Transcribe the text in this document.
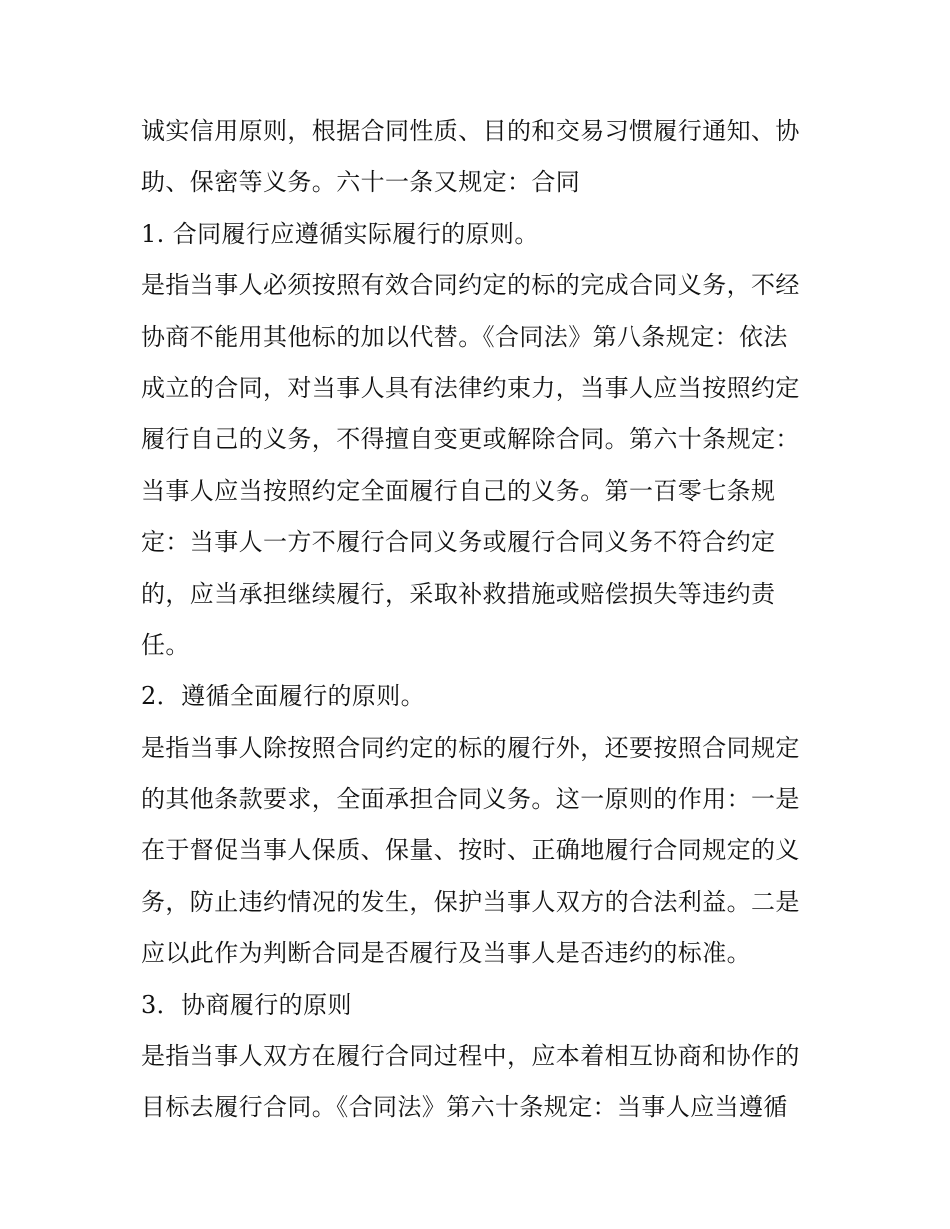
诚实信用原则，根据合同性质、目的和交易习惯履行通知、协
助、保密等义务。六十一条又规定：合同
1. 合同履行应遵循实际履行的原则。
是指当事人必须按照有效合同约定的标的完成合同义务，不经
协商不能用其他标的加以代替。《合同法》第八条规定：依法
成立的合同，对当事人具有法律约束力，当事人应当按照约定
履行自己的义务，不得擅自变更或解除合同。第六十条规定：
当事人应当按照约定全面履行自己的义务。第一百零七条规
定：当事人一方不履行合同义务或履行合同义务不符合约定
的，应当承担继续履行，采取补救措施或赔偿损失等违约责
任。
2．遵循全面履行的原则。
是指当事人除按照合同约定的标的履行外，还要按照合同规定
的其他条款要求，全面承担合同义务。这一原则的作用：一是
在于督促当事人保质、保量、按时、正确地履行合同规定的义
务，防止违约情况的发生，保护当事人双方的合法利益。二是
应以此作为判断合同是否履行及当事人是否违约的标准。
3．协商履行的原则
是指当事人双方在履行合同过程中，应本着相互协商和协作的
目标去履行合同。《合同法》第六十条规定：当事人应当遵循
